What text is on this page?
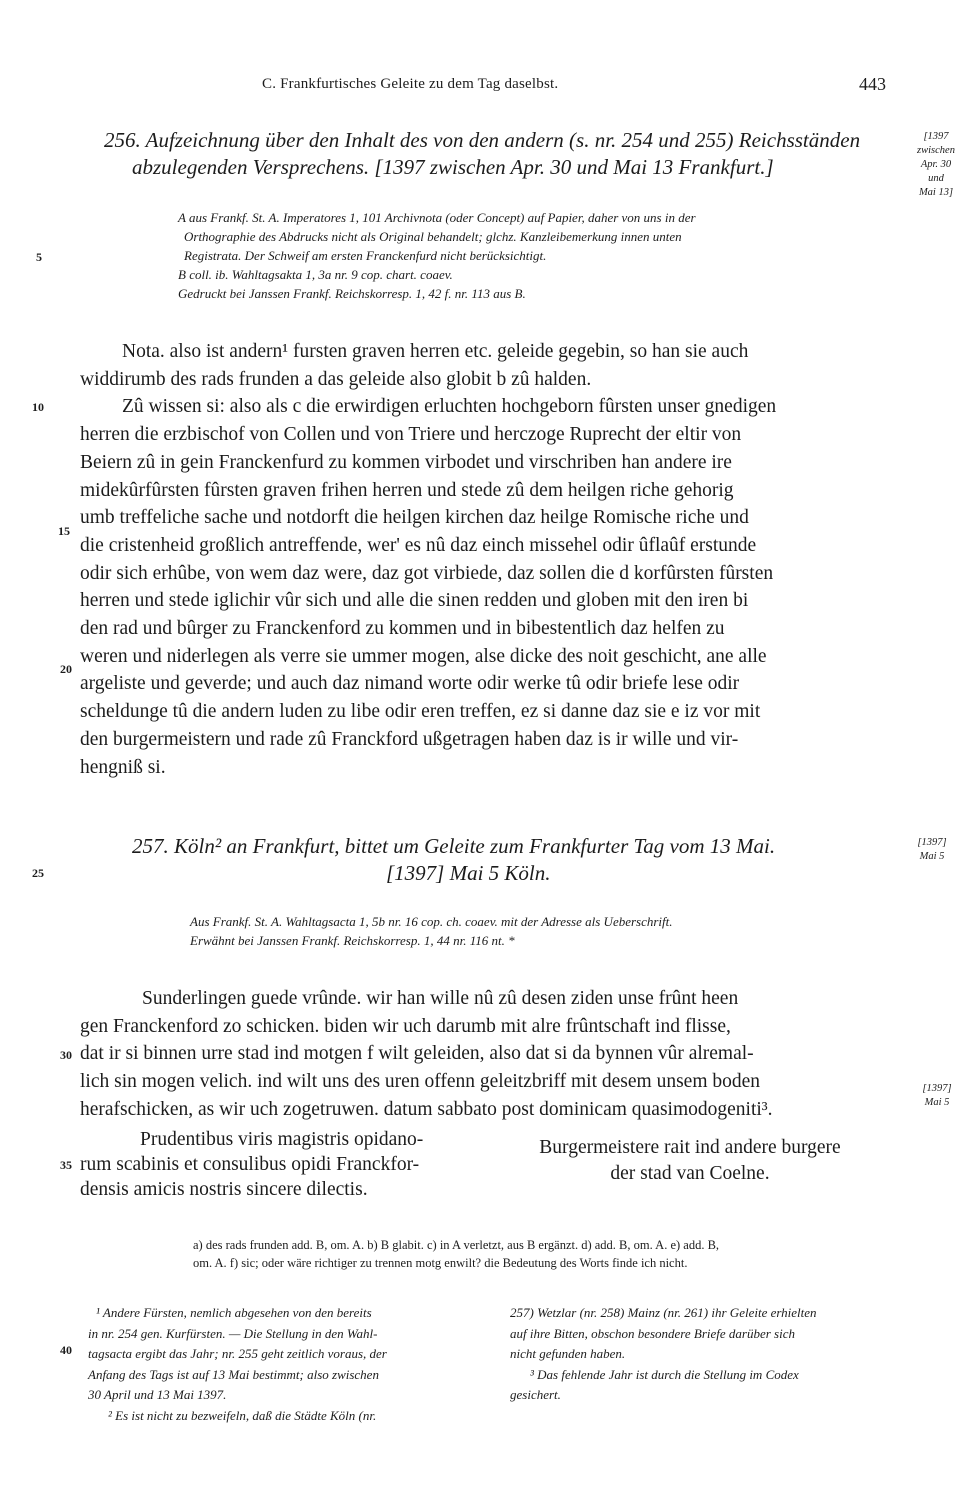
C. Frankfurtisches Geleite zu dem Tag daselbst.	443
256. Aufzeichnung über den Inhalt des von den andern (s. nr. 254 und 255) Reichsständen
abzulegenden Versprechens. [1397 zwischen Apr. 30 und Mai 13 Frankfurt.]
[1397
zwischen
Apr. 30
und
Mai 13]
A aus Frankf. St. A. Imperatores 1, 101 Archivnota (oder Concept) auf Papier, daher von uns in der
Orthographie des Abdrucks nicht als Original behandelt; glchz. Kanzleibemerkung innen unten
Registrata. Der Schweif am ersten Franckenfurd nicht berücksichtigt.
B coll. ib. Wahltagsakta 1, 3a nr. 9 cop. chart. coaev.
Gedruckt bei Janssen Frankf. Reichskorresp. 1, 42 f. nr. 113 aus B.
Nota. also ist andern¹ fursten graven herren etc. geleide gegebin, so han sie auch
widdirumb des rads frunden a das geleide also globit b zû halden.
Zû wissen si: also als c die erwirdigen erluchten hochgeborn fûrsten unser gnedigen
herren die erzbischof von Collen und von Triere und herczoge Ruprecht der eltir von
Beiern zû in gein Franckenfurd zu kommen virbodet und virschriben han andere ire
midekûrfûrsten fûrsten graven frihen herren und stede zû dem heilgen riche gehorig
umb treffeliche sache und notdorft die heilgen kirchen daz heilge Romische riche und
die cristenheid großlich antreffende, wer' es nû daz einch missehel odir ûflaûf erstunde
odir sich erhûbe, von wem daz were, daz got virbiede, daz sollen die d korfûrsten fûrsten
herren und stede iglichir vûr sich und alle die sinen redden und globen mit den iren bi
den rad und bûrger zu Franckenford zu kommen und in bibestentlich daz helfen zu
weren und niderlegen als verre sie ummer mogen, alse dicke des noit geschicht, ane alle
argeliste und geverde; und auch daz nimand worte odir werke tû odir briefe lese odir
scheldunge tû die andern luden zu libe odir eren treffen, ez si danne daz sie e iz vor mit
den burgermeistern und rade zû Franckford ußgetragen haben daz is ir wille und vir-
hengniß si.
257. Köln² an Frankfurt, bittet um Geleite zum Frankfurter Tag vom 13 Mai.
[1397] Mai 5 Köln.
[1397]
Mai 5
Aus Frankf. St. A. Wahltagsacta 1, 5b nr. 16 cop. ch. coaev. mit der Adresse als Ueberschrift.
Erwähnt bei Janssen Frankf. Reichskorresp. 1, 44 nr. 116 nt. *
Sunderlingen guede vrûnde. wir han wille nû zû desen ziden unse frûnt heen
gen Franckenford zo schicken. biden wir uch darumb mit alre frûntschaft ind flisse,
dat ir si binnen urre stad ind motgen f wilt geleiden, also dat si da bynnen vûr alremal-
lich sin mogen velich. ind wilt uns des uren offenn geleitzbriff mit desem unsem boden
herafschicken, as wir uch zogetruwen. datum sabbato post dominicam quasimodogeniti³.
[1397]
Mai 5
Prudentibus viris magistris opidano-
rum scabinis et consulibus opidi Franckfor-
densis amicis nostris sincere dilectis.
Burgermeistere rait ind andere burgere
der stad van Coelne.
a) des rads frunden add. B, om. A. b) B glabit. c) in A verletzt, aus B ergänzt. d) add. B, om. A. e) add. B,
om. A. f) sic; oder wäre richtiger zu trennen motg enwilt? die Bedeutung des Worts finde ich nicht.
¹ Andere Fürsten, nemlich abgesehen von den bereits
in nr. 254 gen. Kurfürsten. — Die Stellung in den Wahl-
tagsacta ergibt das Jahr; nr. 255 geht zeitlich voraus, der
Anfang des Tags ist auf 13 Mai bestimmt; also zwischen
30 April und 13 Mai 1397.
² Es ist nicht zu bezweifeln, daß die Städte Köln (nr.
257) Wetzlar (nr. 258) Mainz (nr. 261) ihr Geleite erhielten
auf ihre Bitten, obschon besondere Briefe darüber sich
nicht gefunden haben.
³ Das fehlende Jahr ist durch die Stellung im Codex
gesichert.
5
10
15
20
25
30
35
40
